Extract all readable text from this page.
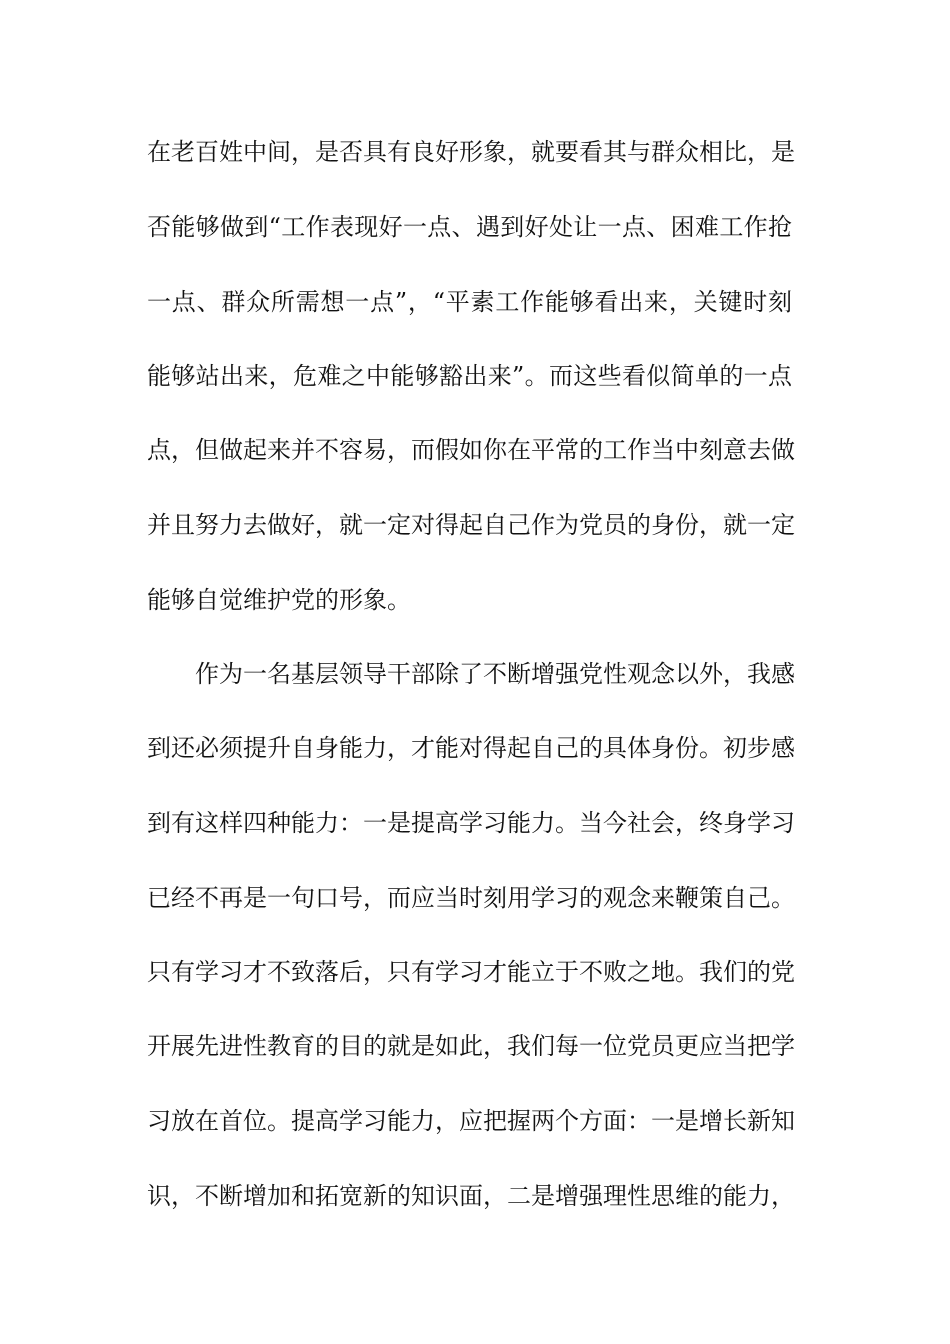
在老百姓中间，是否具有良好形象，就要看其与群众相比，是
否能够做到“工作表现好一点、遇到好处让一点、困难工作抢
一点、群众所需想一点”，“平素工作能够看出来，关键时刻
能够站出来，危难之中能够豁出来”。而这些看似简单的一点
点，但做起来并不容易，而假如你在平常的工作当中刻意去做
并且努力去做好，就一定对得起自己作为党员的身份，就一定
能够自觉维护党的形象。
作为一名基层领导干部除了不断增强党性观念以外，我感
到还必须提升自身能力，才能对得起自己的具体身份。初步感
到有这样四种能力：一是提高学习能力。当今社会，终身学习
已经不再是一句口号，而应当时刻用学习的观念来鞭策自己。
只有学习才不致落后，只有学习才能立于不败之地。我们的党
开展先进性教育的目的就是如此，我们每一位党员更应当把学
习放在首位。提高学习能力，应把握两个方面：一是增长新知
识，不断增加和拓宽新的知识面，二是增强理性思维的能力，
